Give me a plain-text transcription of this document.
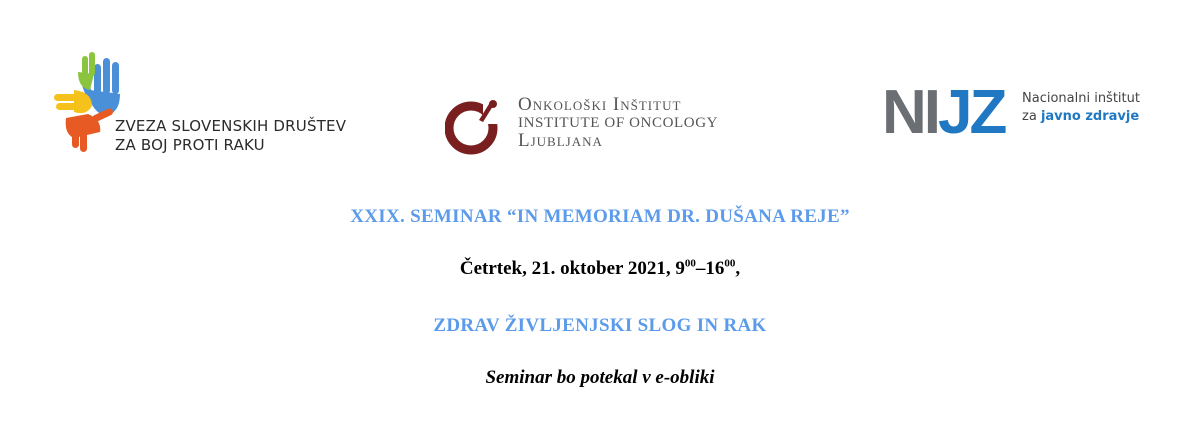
ZVEZA SLOVENSKIH DRUŠTEV
ZA BOJ PROTI RAKU
Onkološki Inštitut
INSTITUTE OF ONCOLOGY
Ljubljana	NIJZ Nacionalni inštitut
za javno zdravje
XXIX. SEMINAR “IN MEMORIAM DR. DUŠANA REJE”
Četrtek, 21. oktober 2021, $9^{00}-16^{00}$,
ZDRAV ŽIVLJENJSKI SLOG IN RAK
Seminar bo potekal v e-obliki
